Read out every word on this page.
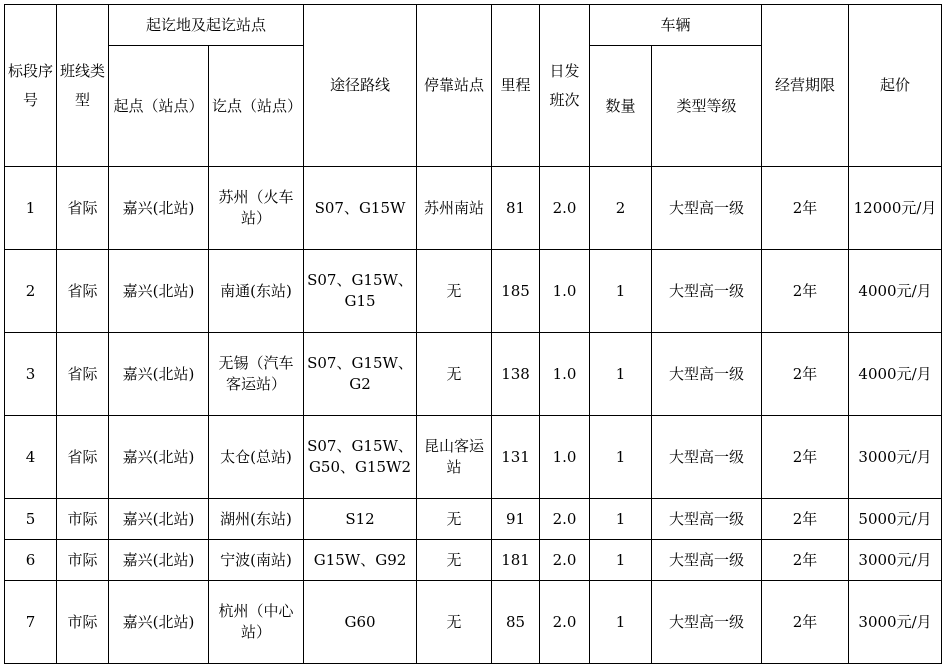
标段序号	班线类型	起讫地及起讫站点		途径路线	停靠站点	里程	日发班次	车辆		经营期限	起价
		起点（站点）	讫点（站点）					数量	类型等级		
1	省际	嘉兴(北站)	苏州（火车站）	S07、G15W	苏州南站	81	2.0	2	大型高一级	2年	12000元/月
2	省际	嘉兴(北站)	南通(东站)	S07、G15W、G15	无	185	1.0	1	大型高一级	2年	4000元/月
3	省际	嘉兴(北站)	无锡（汽车客运站）	S07、G15W、G2	无	138	1.0	1	大型高一级	2年	4000元/月
4	省际	嘉兴(北站)	太仓(总站)	S07、G15W、G50、G15W2	昆山客运站	131	1.0	1	大型高一级	2年	3000元/月
5	市际	嘉兴(北站)	湖州(东站)	S12	无	91	2.0	1	大型高一级	2年	5000元/月
6	市际	嘉兴(北站)	宁波(南站)	G15W、G92	无	181	2.0	1	大型高一级	2年	3000元/月
7	市际	嘉兴(北站)	杭州（中心站）	G60	无	85	2.0	1	大型高一级	2年	3000元/月
